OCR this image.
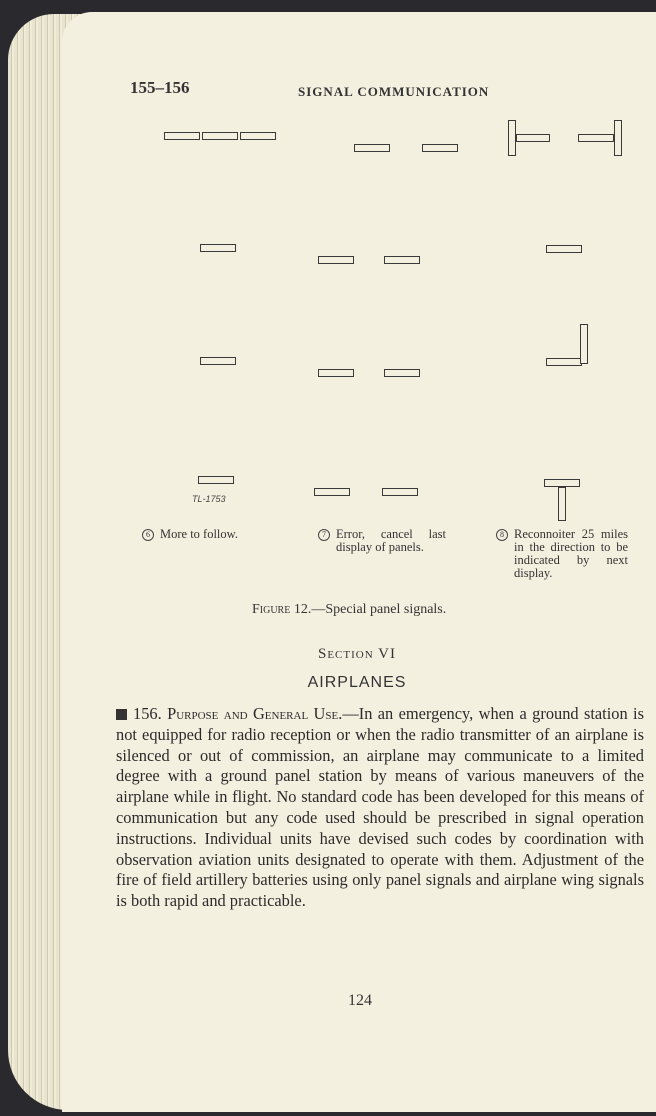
155–156	SIGNAL COMMUNICATION
TL-1753
6 More to follow.	7 Error, cancel last display of panels.
8 Reconnoiter 25 miles in the direction to be indicated by next display.
Figure 12.—Special panel signals.
Section VI
AIRPLANES
156. Purpose and General Use.—In an emergency, when a ground station is not equipped for radio reception or when the radio transmitter of an airplane is silenced or out of commission, an airplane may communicate to a limited degree with a ground panel station by means of various maneuvers of the airplane while in flight. No standard code has been developed for this means of communication but any code used should be prescribed in signal operation instructions. Individual units have devised such codes by coordination with observation aviation units designated to operate with them. Adjustment of the fire of field artillery batteries using only panel signals and airplane wing signals is both rapid and practicable.
124
